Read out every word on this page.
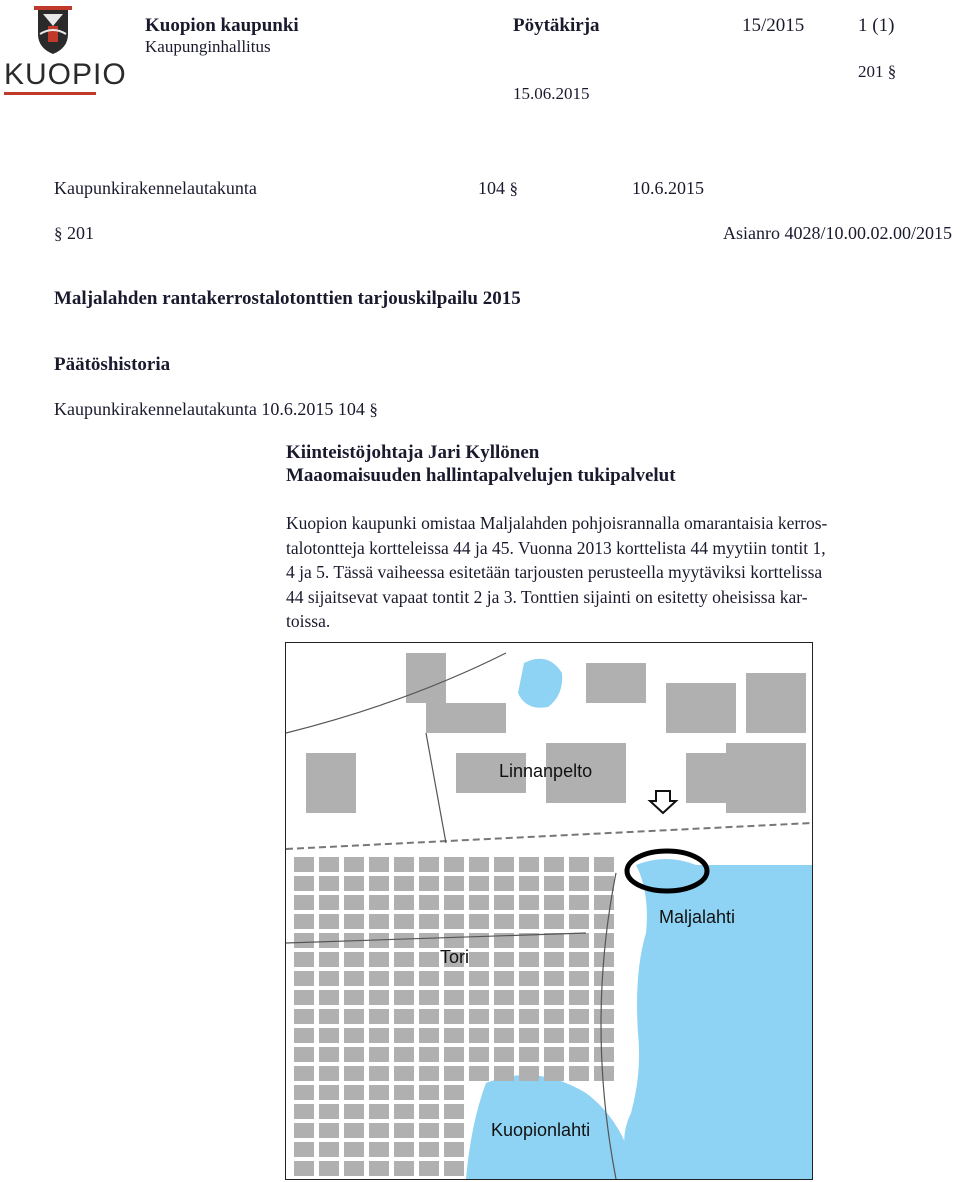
KUOPIO
Kuopion kaupunki
Kaupunginhallitus
Pöytäkirja	15/2015	1 (1)
201 §
15.06.2015
Kaupunkirakennelautakunta	104 §	10.6.2015
§ 201	Asianro 4028/10.00.02.00/2015
Maljalahden rantakerrostalotonttien tarjouskilpailu 2015
Päätöshistoria
Kaupunkirakennelautakunta 10.6.2015 104 §
Kiinteistöjohtaja Jari Kyllönen
Maaomaisuuden hallintapalvelujen tukipalvelut
Kuopion kaupunki omistaa Maljalahden pohjoisrannalla omarantaisia kerros-
talotontteja kortteleissa 44 ja 45. Vuonna 2013 korttelista 44 myytiin tontit 1,
4 ja 5. Tässä vaiheessa esitetään tarjousten perusteella myytäviksi korttelissa
44 sijaitsevat vapaat tontit 2 ja 3. Tonttien sijainti on esitetty oheisissa kar-
toissa.
Linnanpelto
Maljalahti
Tori
Kuopionlahti
